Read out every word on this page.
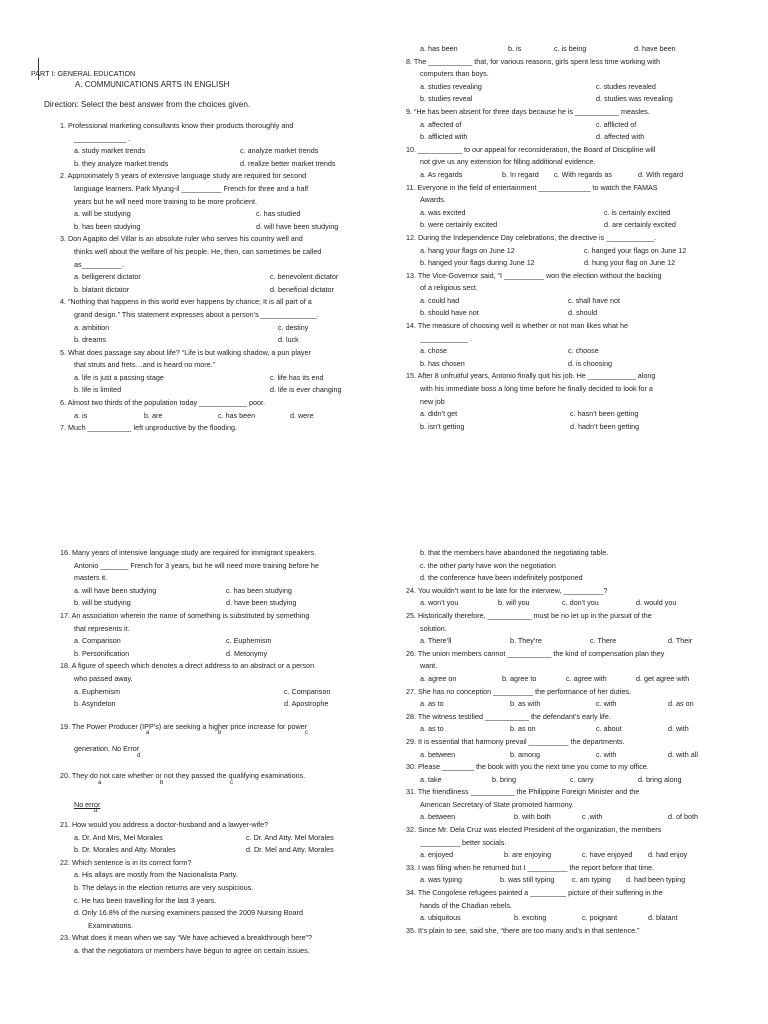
PART I: GENERAL EDUCATION
A. COMMUNICATIONS ARTS IN ENGLISH
Direction: Select the best answer from the choices given.
1. Professional marketing consultants know their products thoroughly and
_____________ .
a. study market trends	c. analyze market trends
b. they analyze market trends	d. realize better market trends
2. Approximately 5 years of extensive language study are required for second
language learners. Park Myung-il __________ French for three and a half
years but he will need more training to be more proficient.
a. will be studying	c. has studied
b. has been studying	d. will have been studying
3. Don Agapito del Villar is an absolute ruler who serves his country well and
thinks well about the welfare of his people. He, then, can sometimes be called
as__________.
a. belligerent dictator	c. benevolent dictator
b. blatant dictator	d. beneficial dictator
4. “Nothing that happens in this world ever happens by chance; It is all part of a
grand design.” This statement expresses about a person’s ______________.
a. ambition	c. destiny
b. dreams	d. luck
5. What does passage say about life? “Life is but walking shadow, a pun player
that struts and frets…and is heard no more.”
a. life is just a passing stage	c. life has its end
b. life is limited	d. life is ever changing
6. Almost two thirds of the population today ____________ poor.
a. is	b. are	c. has been	d. were
7. Much ___________ left unproductive by the flooding.
a. has been	b. is	c. is being	d. have been
8. The ___________ that, for various reasons, girls spent less time working with
computers than boys.
a. studies revealing	c. studies revealed
b. studies reveal	d. studies was revealing
9. “He has been absent for three days because he is ___________ measles.
a. affected of	c. afflicted of
b. afflicted with	d. affected with
10. ___________ to our appeal for reconsideration, the Board of Discipline will
not give us any extension for filling additional evidence.
a. As regards	b. In regard c. With regards as	d. With regard
11. Everyone in the field of entertainment _____________ to watch the FAMAS
Awards.
a. was excited	c. is certainly excited
b. were certainly excited	d. are certainly excited
12. During the Independence Day celebrations, the directive is ____________.
a. hang your flags on June 12	c. hanged your flags on June 12
b. hanged your flags during June 12	d. hung your flag on June 12
13. The Vice-Governor said, “I __________ won the election without the backing
of a religious sect.
a. could had	c. shall have not
b. should have not	d. should
14. The measure of choosing well is whether or not man likes what he
____________ .
a. chose	c. choose
b. has chosen	d. is choosing
15. After 8 unfruitful years, Antonio finally quit his job. He ____________ along
with his immediate boss a long time before he finally decided to look for a
new job
a. didn’t get	c. hasn’t been getting
b. isn’t getting	d. hadn’t been getting
16. Many years of intensive language study are required for immigrant speakers.
Antonio _______ French for 3 years, but he will need more training before he
masters it.
a. will have been studying	c. has been studying
b. will be studying	d. have been studying
17. An association wherein the name of something is substituted by something
that represents it.
a. Comparison	c. Euphemism
b. Personification	d. Metonymy
18. A figure of speech which denotes a direct address to an abstract or a person
who passed away.
a. Euphemism	c. Comparison
b. Asyndeton	d. Apostrophe
19. The Power Producer (IPP’s) are seeking a higher price increase for power
a	b	c
generation. No Error
d
20. They do not care whether or not they passed the qualifying examinations.
a	b	c
No error
d
21. How would you address a doctor-husband and a lawyer-wife?
a. Dr. And Mrs, Mel Morales	c. Dr. And Atty. Mel Morales
b. Dr. Morales and Atty. Morales	d. Dr. Mel and Atty. Morales
22. Which sentence is in its correct form?
a. His allays are mostly from the Nacionalista Party.
b. The delays in the election returns are very suspicious.
c. He has been travelling for the last 3 years.
d. Only 16.8% of the nursing examiners passed the 2009 Nursing Board
Examinations.
23. What does it mean when we say “We have achieved a breakthrough here”?
a. that the negotiators or members have begun to agree on certain issues.
b. that the members have abandoned the negotiating table.
c. the other party have won the negotiation
d. the conference have been indefinitely postponed
24. You wouldn’t want to be late for the interview, __________?
a. won’t you	b. will you	c. don’t you	d. would you
25. Historically therefore, ___________ must be no let up in the pursuit of the
solution.
a. There’ll	b. They’re	c. There	d. Their
26. The union members cannot ___________ the kind of compensation plan they
want.
a. agree on	b. agree to	c. agree with	d. get agree with
27. She has no conception __________ the performance of her duties.
a. as to	b. as with	c. with	d. as on
28. The witness testified ___________ the defendant’s early life.
a. as to	b. as on	c. about	d. with
29. It is essential that harmony prevail __________ the departments.
a. between	b. among	c. with	d. with all
30. Please ________ the book with you the next time you come to my office.
a. take	b. bring	c. carry	d. bring along
31. The friendliness ___________ the Philippine Foreign Minister and the
American Secretary of State promoted harmony.
a. between	b. with both	c .with	d. of both
32. Since Mr. Dela Cruz was elected President of the organization, the members
__________ better socials.
a. enjoyed	b. are enjoying	c. have enjoyed d. had enjoy
33. I was filing when he returned but I __________ the report before that time.
a. was typing	b. was still typing c. am typing d. had been typing
34. The Congolese refugees painted a _________ picture of their suffering in the
hands of the Chadian rebels.
a. ubiquitous	b. exciting	c. poignant	d. blatant
35. It’s plain to see, said she, “there are too many and’s in that sentence.”
